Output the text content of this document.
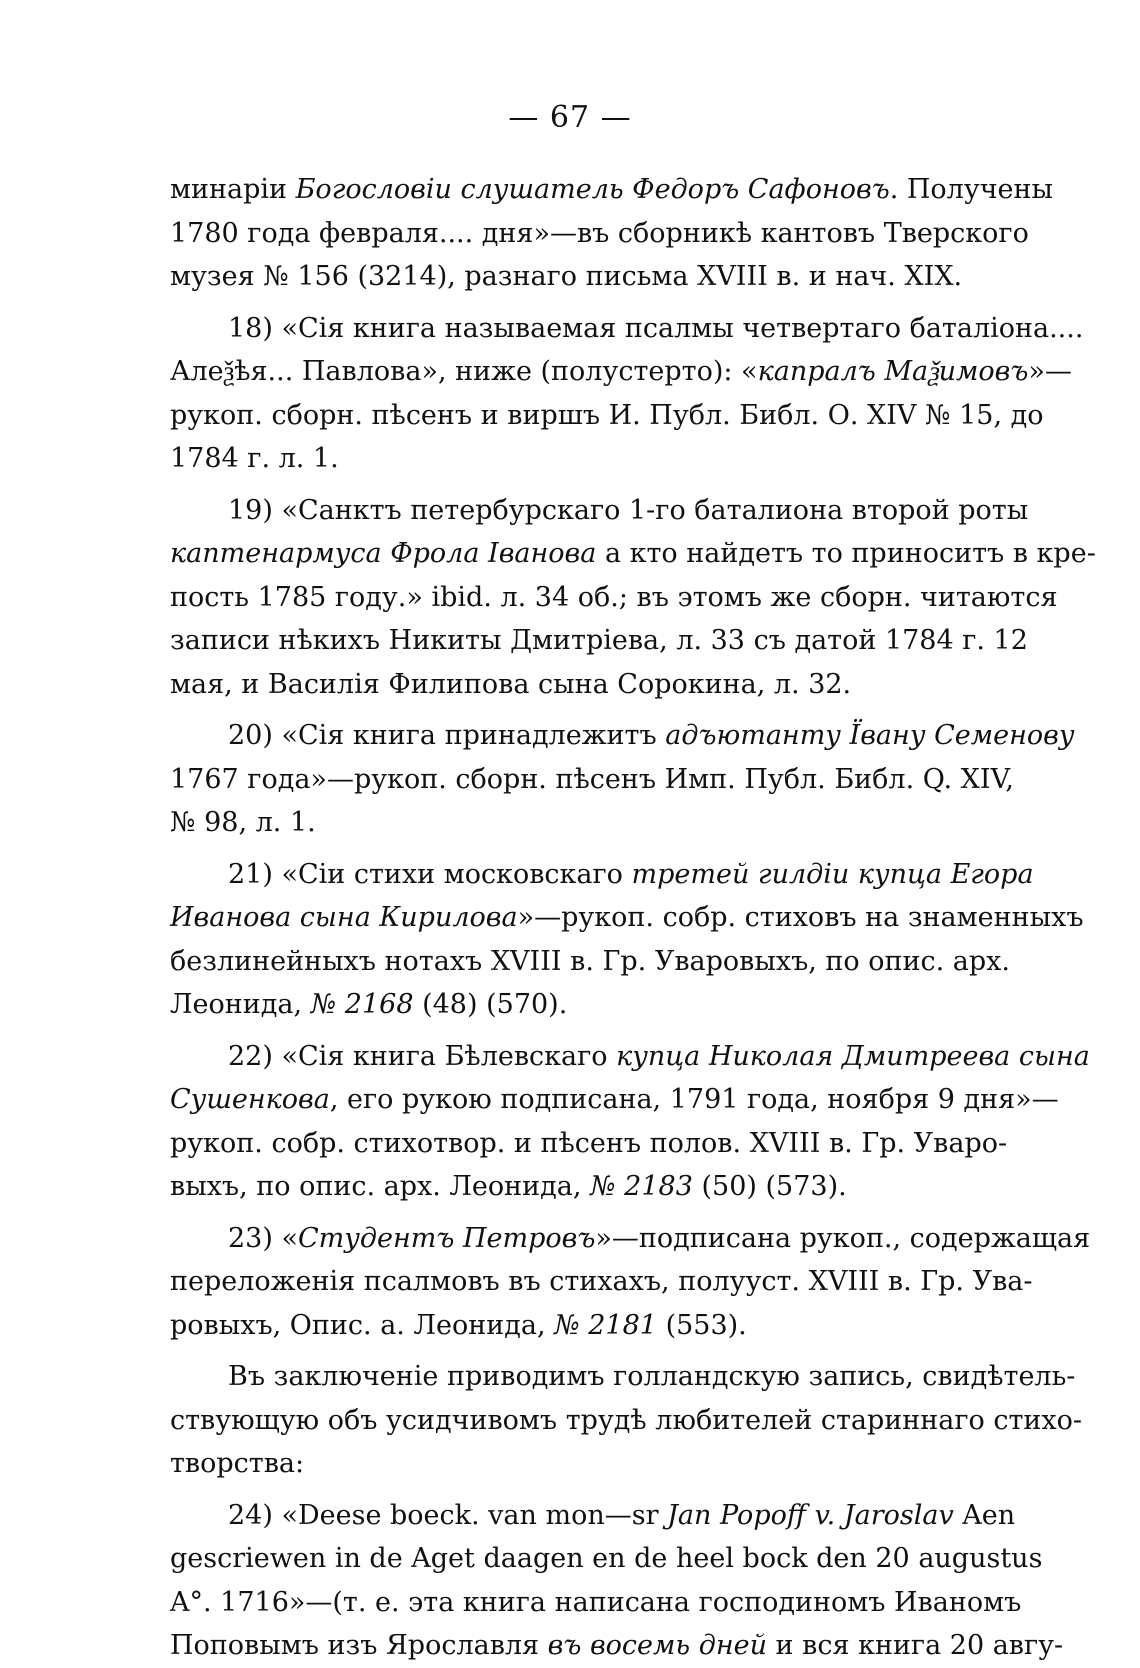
— 67 —
минаріи Богословіи слушатель Федоръ Сафоновъ. Получены
1780 года февраля.... дня»—въ сборникѣ кантовъ Тверского
музея № 156 (3214), разнаго письма XVIII в. и нач. XIX.
18) «Сія книга называемая псалмы четвертаго баталіона....
Алеѯѣя... Павлова», ниже (полустерто): «капралъ Маѯимовъ»—
рукоп. сборн. пѣсенъ и виршъ И. Публ. Библ. О. XIV № 15, до
1784 г. л. 1.
19) «Санктъ петербурскаго 1-го баталиона второй роты
каптенармуса Фрола Іванова а кто найдетъ то приноситъ в кре-
пость 1785 году.» ibid. л. 34 об.; въ этомъ же сборн. читаются
записи нѣкихъ Никиты Дмитріева, л. 33 съ датой 1784 г. 12
мая, и Василія Филипова сына Сорокина, л. 32.
20) «Сія книга принадлежитъ адъютанту Ївану Семенову
1767 года»—рукоп. сборн. пѣсенъ Имп. Публ. Библ. Q. XIV,
№ 98, л. 1.
21) «Сіи стихи московскаго третей гилдіи купца Егора
Иванова сына Кирилова»—рукоп. собр. стиховъ на знаменныхъ
безлинейныхъ нотахъ XVIII в. Гр. Уваровыхъ, по опис. арх.
Леонида, № 2168 (48) (570).
22) «Сія книга Бѣлевскаго купца Николая Дмитреева сына
Сушенкова, его рукою подписана, 1791 года, ноября 9 дня»—
рукоп. собр. стихотвор. и пѣсенъ полов. XVIII в. Гр. Уваро-
выхъ, по опис. арх. Леонида, № 2183 (50) (573).
23) «Студентъ Петровъ»—подписана рукоп., содержащая
переложенія псалмовъ въ стихахъ, полууст. XVIII в. Гр. Ува-
ровыхъ, Опис. а. Леонида, № 2181 (553).
Въ заключеніе приводимъ голландскую запись, свидѣтель-
ствующую объ усидчивомъ трудѣ любителей стариннаго стихо-
творства:
24) «Deese boeck. van mon—sr Jan Popoff v. Jaroslav Aen
gescriewen in de Aget daagen en de heel bock den 20 augustus
A°. 1716»—(т. е. эта книга написана господиномъ Иваномъ
Поповымъ изъ Ярославля въ восемь дней и вся книга 20 авгу-
